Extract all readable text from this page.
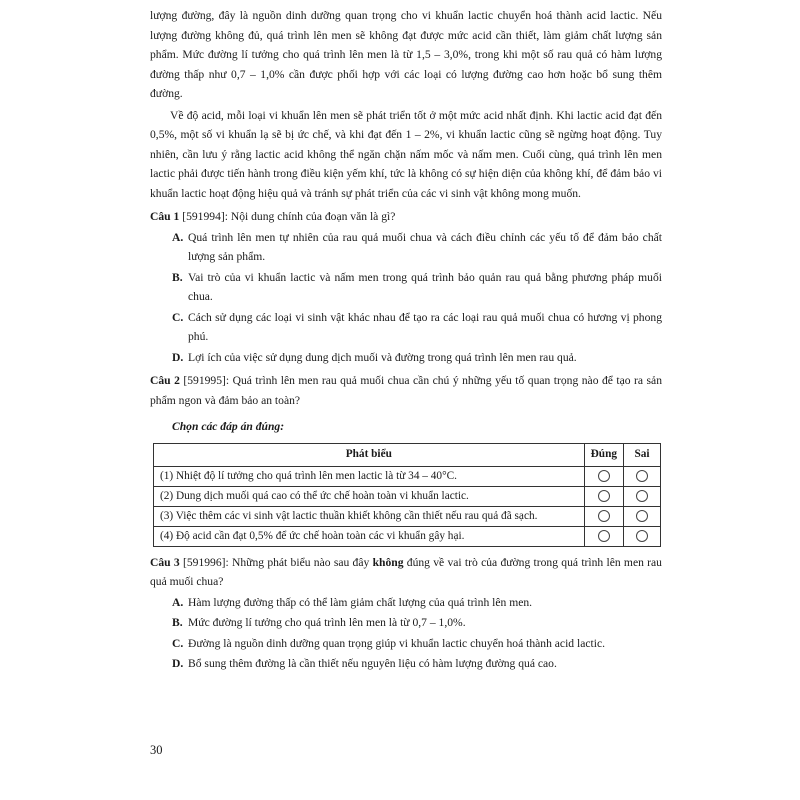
lượng đường, đây là nguồn dinh dưỡng quan trọng cho vi khuẩn lactic chuyển hoá thành acid lactic. Nếu lượng đường không đủ, quá trình lên men sẽ không đạt được mức acid cần thiết, làm giảm chất lượng sản phẩm. Mức đường lí tưởng cho quá trình lên men là từ 1,5 – 3,0%, trong khi một số rau quả có hàm lượng đường thấp như 0,7 – 1,0% cần được phối hợp với các loại có lượng đường cao hơn hoặc bổ sung thêm đường.

Về độ acid, mỗi loại vi khuẩn lên men sẽ phát triển tốt ở một mức acid nhất định. Khi lactic acid đạt đến 0,5%, một số vi khuẩn lạ sẽ bị ức chế, và khi đạt đến 1 – 2%, vi khuẩn lactic cũng sẽ ngừng hoạt động. Tuy nhiên, cần lưu ý rằng lactic acid không thể ngăn chặn nấm mốc và nấm men. Cuối cùng, quá trình lên men lactic phải được tiến hành trong điều kiện yếm khí, tức là không có sự hiện diện của không khí, để đảm bảo vi khuẩn lactic hoạt động hiệu quả và tránh sự phát triển của các vi sinh vật không mong muốn.

Câu 1 [591994]: Nội dung chính của đoạn văn là gì?

A. Quá trình lên men tự nhiên của rau quả muối chua và cách điều chỉnh các yếu tố để đảm bảo chất lượng sản phẩm.
B. Vai trò của vi khuẩn lactic và nấm men trong quá trình bảo quản rau quả bằng phương pháp muối chua.
C. Cách sử dụng các loại vi sinh vật khác nhau để tạo ra các loại rau quả muối chua có hương vị phong phú.
D. Lợi ích của việc sử dụng dung dịch muối và đường trong quá trình lên men rau quả.

Câu 2 [591995]: Quá trình lên men rau quả muối chua cần chú ý những yếu tố quan trọng nào để tạo ra sản phẩm ngon và đảm bảo an toàn?

Chọn các đáp án đúng:

Phát biểu	Đúng	Sai
(1) Nhiệt độ lí tưởng cho quá trình lên men lactic là từ 34 – 40°C.		
(2) Dung dịch muối quá cao có thể ức chế hoàn toàn vi khuẩn lactic.		
(3) Việc thêm các vi sinh vật lactic thuần khiết không cần thiết nếu rau quả đã sạch.		
(4) Độ acid cần đạt 0,5% để ức chế hoàn toàn các vi khuẩn gây hại.		

Câu 3 [591996]: Những phát biểu nào sau đây không đúng về vai trò của đường trong quá trình lên men rau quả muối chua?

A. Hàm lượng đường thấp có thể làm giảm chất lượng của quá trình lên men.
B. Mức đường lí tưởng cho quá trình lên men là từ 0,7 – 1,0%.
C. Đường là nguồn dinh dưỡng quan trọng giúp vi khuẩn lactic chuyển hoá thành acid lactic.
D. Bổ sung thêm đường là cần thiết nếu nguyên liệu có hàm lượng đường quá cao.
30
